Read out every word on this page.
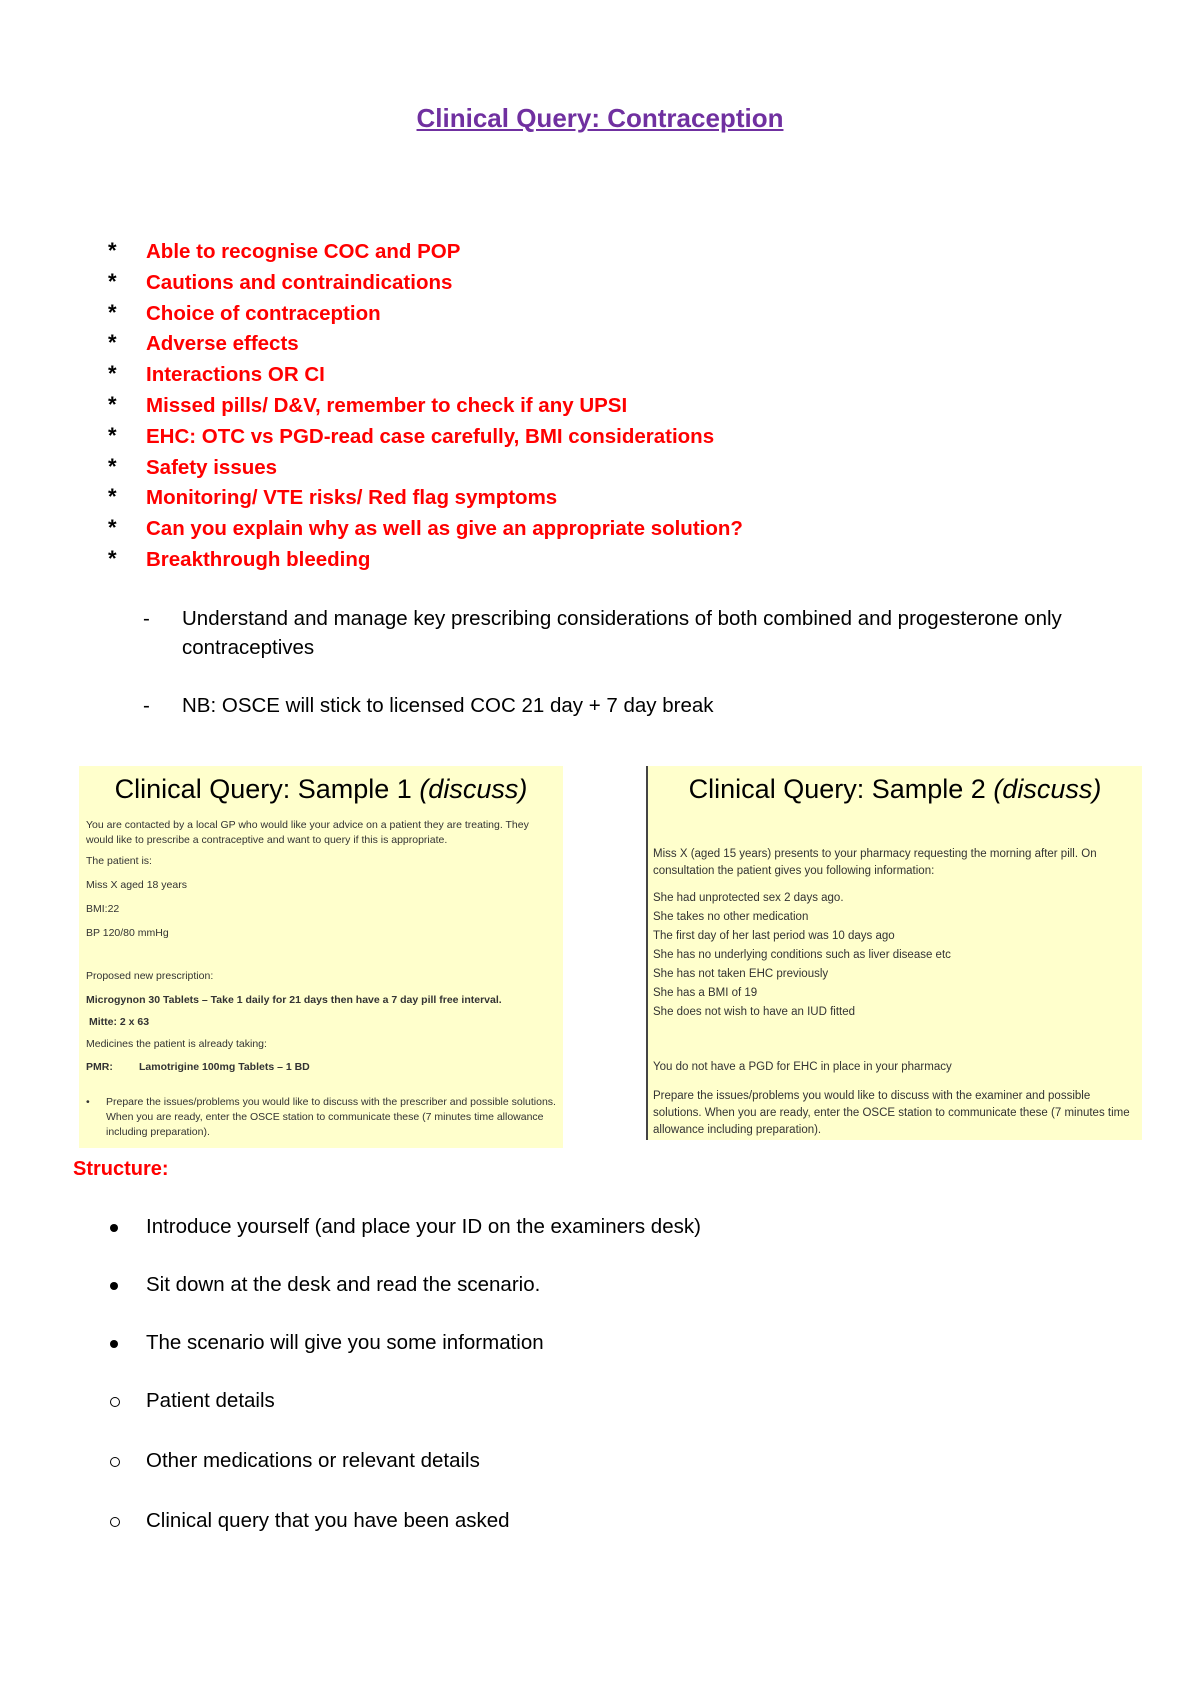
Clinical Query: Contraception
* Able to recognise COC and POP
* Cautions and contraindications
* Choice of contraception
* Adverse effects
* Interactions OR CI
* Missed pills/ D&V, remember to check if any UPSI
* EHC: OTC vs PGD-read case carefully, BMI considerations
* Safety issues
* Monitoring/ VTE risks/ Red flag symptoms
* Can you explain why as well as give an appropriate solution?
* Breakthrough bleeding
- Understand and manage key prescribing considerations of both combined and progesterone only contraceptives
- NB: OSCE will stick to licensed COC 21 day + 7 day break
Clinical Query: Sample 1 (discuss)
You are contacted by a local GP who would like your advice on a patient they are treating. They would like to prescribe a contraceptive and want to query if this is appropriate.
The patient is:
Miss X aged 18 years
BMI:22
BP 120/80 mmHg
Proposed new prescription:
Microgynon 30 Tablets – Take 1 daily for 21 days then have a 7 day pill free interval.
Mitte: 2 x 63
Medicines the patient is already taking:
PMR: Lamotrigine 100mg Tablets – 1 BD
• Prepare the issues/problems you would like to discuss with the prescriber and possible solutions. When you are ready, enter the OSCE station to communicate these (7 minutes time allowance including preparation).
Clinical Query: Sample 2 (discuss)
Miss X (aged 15 years) presents to your pharmacy requesting the morning after pill. On consultation the patient gives you following information:
She had unprotected sex 2 days ago.
She takes no other medication
The first day of her last period was 10 days ago
She has no underlying conditions such as liver disease etc
She has not taken EHC previously
She has a BMI of 19
She does not wish to have an IUD fitted
You do not have a PGD for EHC in place in your pharmacy
Prepare the issues/problems you would like to discuss with the examiner and possible solutions. When you are ready, enter the OSCE station to communicate these (7 minutes time allowance including preparation).
Structure:
Introduce yourself (and place your ID on the examiners desk)
Sit down at the desk and read the scenario.
The scenario will give you some information
Patient details
Other medications or relevant details
Clinical query that you have been asked
